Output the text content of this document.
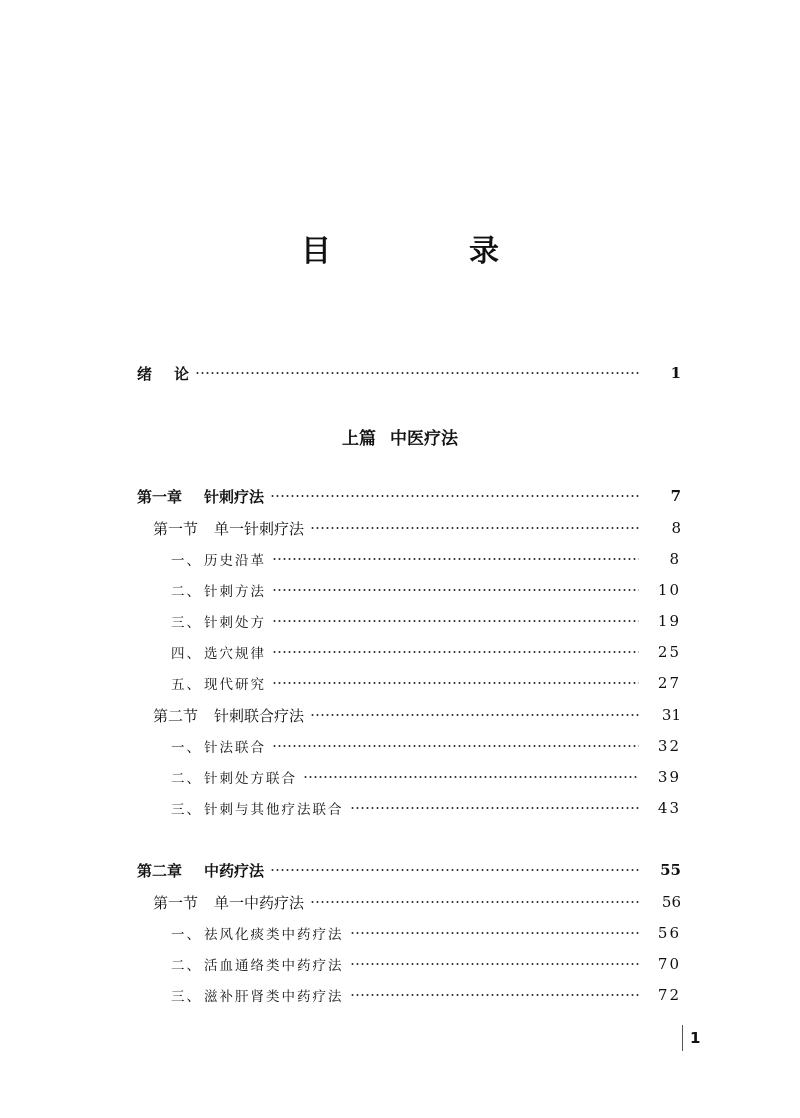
目　录
绪 论	1
上篇 中医疗法
第一章 针刺疗法	7
第一节 单一针刺疗法	8
一、 历史沿革	8
二、 针刺方法	10
三、 针刺处方	19
四、 选穴规律	25
五、 现代研究	27
第二节 针刺联合疗法	31
一、 针法联合	32
二、 针刺处方联合	39
三、 针刺与其他疗法联合	43
第二章 中药疗法	55
第一节 单一中药疗法	56
一、 祛风化痰类中药疗法	56
二、 活血通络类中药疗法	70
三、 滋补肝肾类中药疗法	72
1
